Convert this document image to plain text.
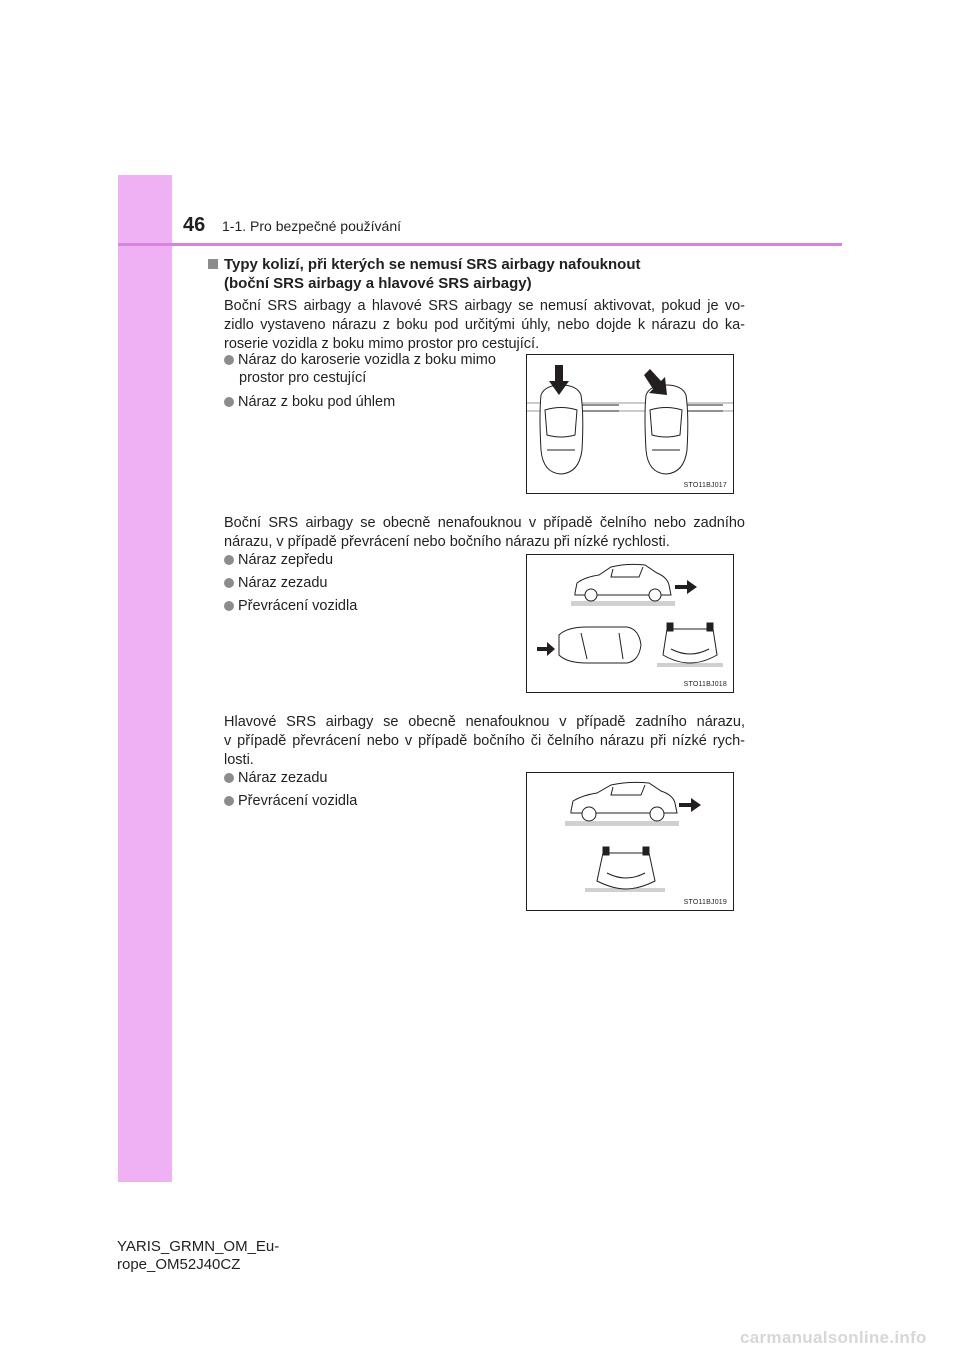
46 1-1. Pro bezpečné používání
Typy kolizí, při kterých se nemusí SRS airbagy nafouknout
(boční SRS airbagy a hlavové SRS airbagy)
Boční SRS airbagy a hlavové SRS airbagy se nemusí aktivovat, pokud je vo-
zidlo vystaveno nárazu z boku pod určitými úhly, nebo dojde k nárazu do ka-
roserie vozidla z boku mimo prostor pro cestující.
Náraz do karoserie vozidla z boku mimo
prostor pro cestující
Náraz z boku pod úhlem
STO11BJ017
Boční SRS airbagy se obecně nenafouknou v případě čelního nebo zadního
nárazu, v případě převrácení nebo bočního nárazu při nízké rychlosti.
Náraz zepředu
Náraz zezadu
Převrácení vozidla
STO11BJ018
Hlavové SRS airbagy se obecně nenafouknou v případě zadního nárazu,
v případě převrácení nebo v případě bočního či čelního nárazu při nízké rych-
losti.
Náraz zezadu
Převrácení vozidla
STO11BJ019
YARIS_GRMN_OM_Eu-
rope_OM52J40CZ
carmanualsonline.info
